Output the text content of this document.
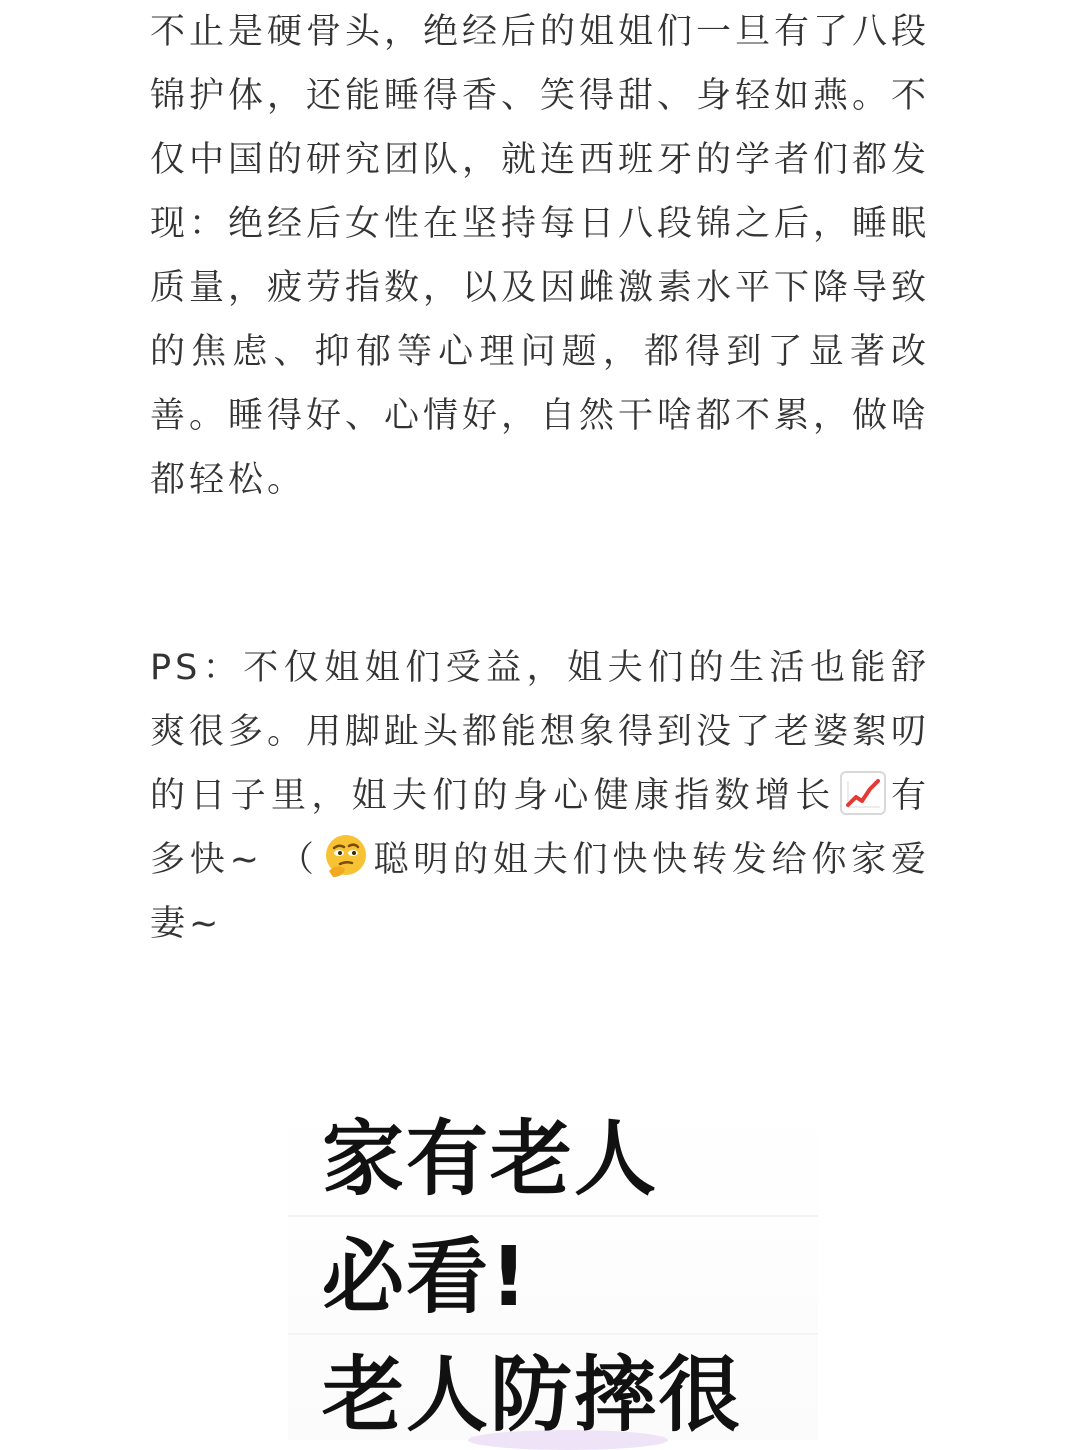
不止是硬骨头，绝经后的姐姐们一旦有了八段锦护体，还能睡得香、笑得甜、身轻如燕。不仅中国的研究团队，就连西班牙的学者们都发现：绝经后女性在坚持每日八段锦之后，睡眠质量，疲劳指数，以及因雌激素水平下降导致的焦虑、抑郁等心理问题，都得到了显著改善。睡得好、心情好，自然干啥都不累，做啥都轻松。

PS：不仅姐姐们受益，姐夫们的生活也能舒爽很多。用脚趾头都能想象得到没了老婆絮叨的日子里，姐夫们的身心健康指数增长 有多快~ （ 聪明的姐夫们快快转发给你家爱妻~

家有老人
必看!
老人防摔很
